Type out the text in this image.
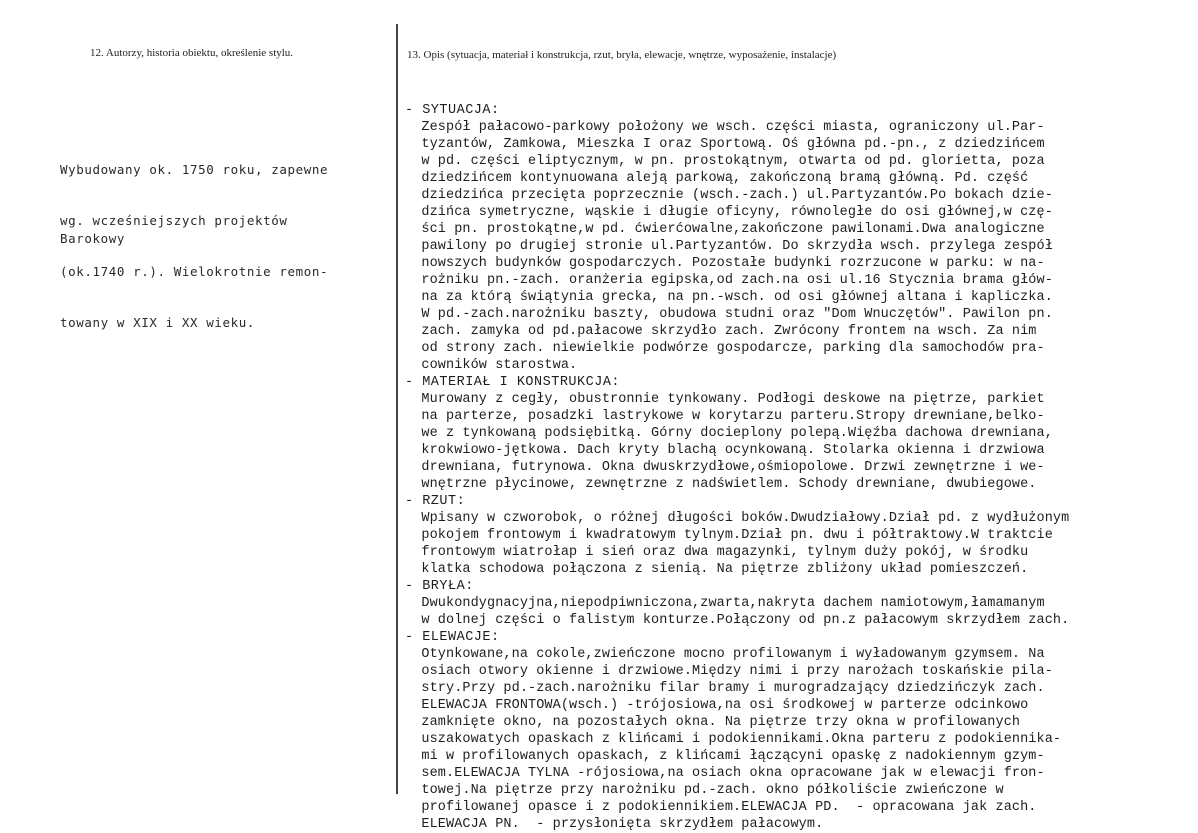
12. Autorzy, historia obiektu, określenie stylu.	13. Opis (sytuacja, materiał i konstrukcja, rzut, bryła, elewacje, wnętrze, wyposażenie, instalacje)

Wybudowany ok. 1750 roku, zapewne

wg. wcześniejszych projektów

(ok.1740 r.). Wielokrotnie remon-

towany w XIX i XX wieku.

Barokowy
- SYTUACJA:
Zespół pałacowo-parkowy położony we wsch. części miasta, ograniczony ul.Par-
tyzantów, Zamkowa, Mieszka I oraz Sportową. Oś główna pd.-pn., z dziedzińcem
w pd. części eliptycznym, w pn. prostokątnym, otwarta od pd. glorietta, poza
dziedzińcem kontynuowana aleją parkową, zakończoną bramą główną. Pd. część
dziedzińca przecięta poprzecznie (wsch.-zach.) ul.Partyzantów.Po bokach dzie-
dzińca symetryczne, wąskie i długie oficyny, równoległe do osi głównej,w czę-
ści pn. prostokątne,w pd. ćwierćowalne,zakończone pawilonami.Dwa analogiczne
pawilony po drugiej stronie ul.Partyzantów. Do skrzydła wsch. przylega zespół
nowszych budynków gospodarczych. Pozostałe budynki rozrzucone w parku: w na-
rożniku pn.-zach. oranżeria egipska,od zach.na osi ul.16 Stycznia brama głów-
na za którą świątynia grecka, na pn.-wsch. od osi głównej altana i kapliczka.
W pd.-zach.narożniku baszty, obudowa studni oraz "Dom Wnuczętów". Pawilon pn.
zach. zamyka od pd.pałacowe skrzydło zach. Zwrócony frontem na wsch. Za nim
od strony zach. niewielkie podwórze gospodarcze, parking dla samochodów pra-
cowników starostwa.
- MATERIAŁ I KONSTRUKCJA:
Murowany z cegły, obustronnie tynkowany. Podłogi deskowe na piętrze, parkiet
na parterze, posadzki lastrykowe w korytarzu parteru.Stropy drewniane,belko-
we z tynkowaną podsiębitką. Górny docieplony polepą.Więźba dachowa drewniana,
krokwiowo-jętkowa. Dach kryty blachą ocynkowaną. Stolarka okienna i drzwiowa
drewniana, futrynowa. Okna dwuskrzydłowe,ośmiopolowe. Drzwi zewnętrzne i we-
wnętrzne płycinowe, zewnętrzne z nadświetlem. Schody drewniane, dwubiegowe.
- RZUT:
Wpisany w czworobok, o różnej długości boków.Dwudziałowy.Dział pd. z wydłużonym
pokojem frontowym i kwadratowym tylnym.Dział pn. dwu i półtraktowy.W traktcie
frontowym wiatrołap i sień oraz dwa magazynki, tylnym duży pokój, w środku
klatka schodowa połączona z sienią. Na piętrze zbliżony układ pomieszczeń.
- BRYŁA:
Dwukondygnacyjna,niepodpiwniczona,zwarta,nakryta dachem namiotowym,łamamanym
w dolnej części o falistym konturze.Połączony od pn.z pałacowym skrzydłem zach.
- ELEWACJE:
Otynkowane,na cokole,zwieńczone mocno profilowanym i wyładowanym gzymsem. Na
osiach otwory okienne i drzwiowe.Między nimi i przy narożach toskańskie pila-
stry.Przy pd.-zach.narożniku filar bramy i murogradzający dziedzińczyk zach.
ELEWACJA FRONTOWA(wsch.) -trójosiowa,na osi środkowej w parterze odcinkowo
zamknięte okno, na pozostałych okna. Na piętrze trzy okna w profilowanych
uszakowatych opaskach z klińcami i podokiennikami.Okna parteru z podokiennika-
mi w profilowanych opaskach, z klińcami łączącyni opaskę z nadokiennym gzym-
sem.ELEWACJA TYLNA -rójosiowa,na osiach okna opracowane jak w elewacji fron-
towej.Na piętrze przy narożniku pd.-zach. okno półkoliście zwieńczone w
profilowanej opasce i z podokiennikiem.ELEWACJA PD.  - opracowana jak zach.
ELEWACJA PN.  - przysłonięta skrzydłem pałacowym.
